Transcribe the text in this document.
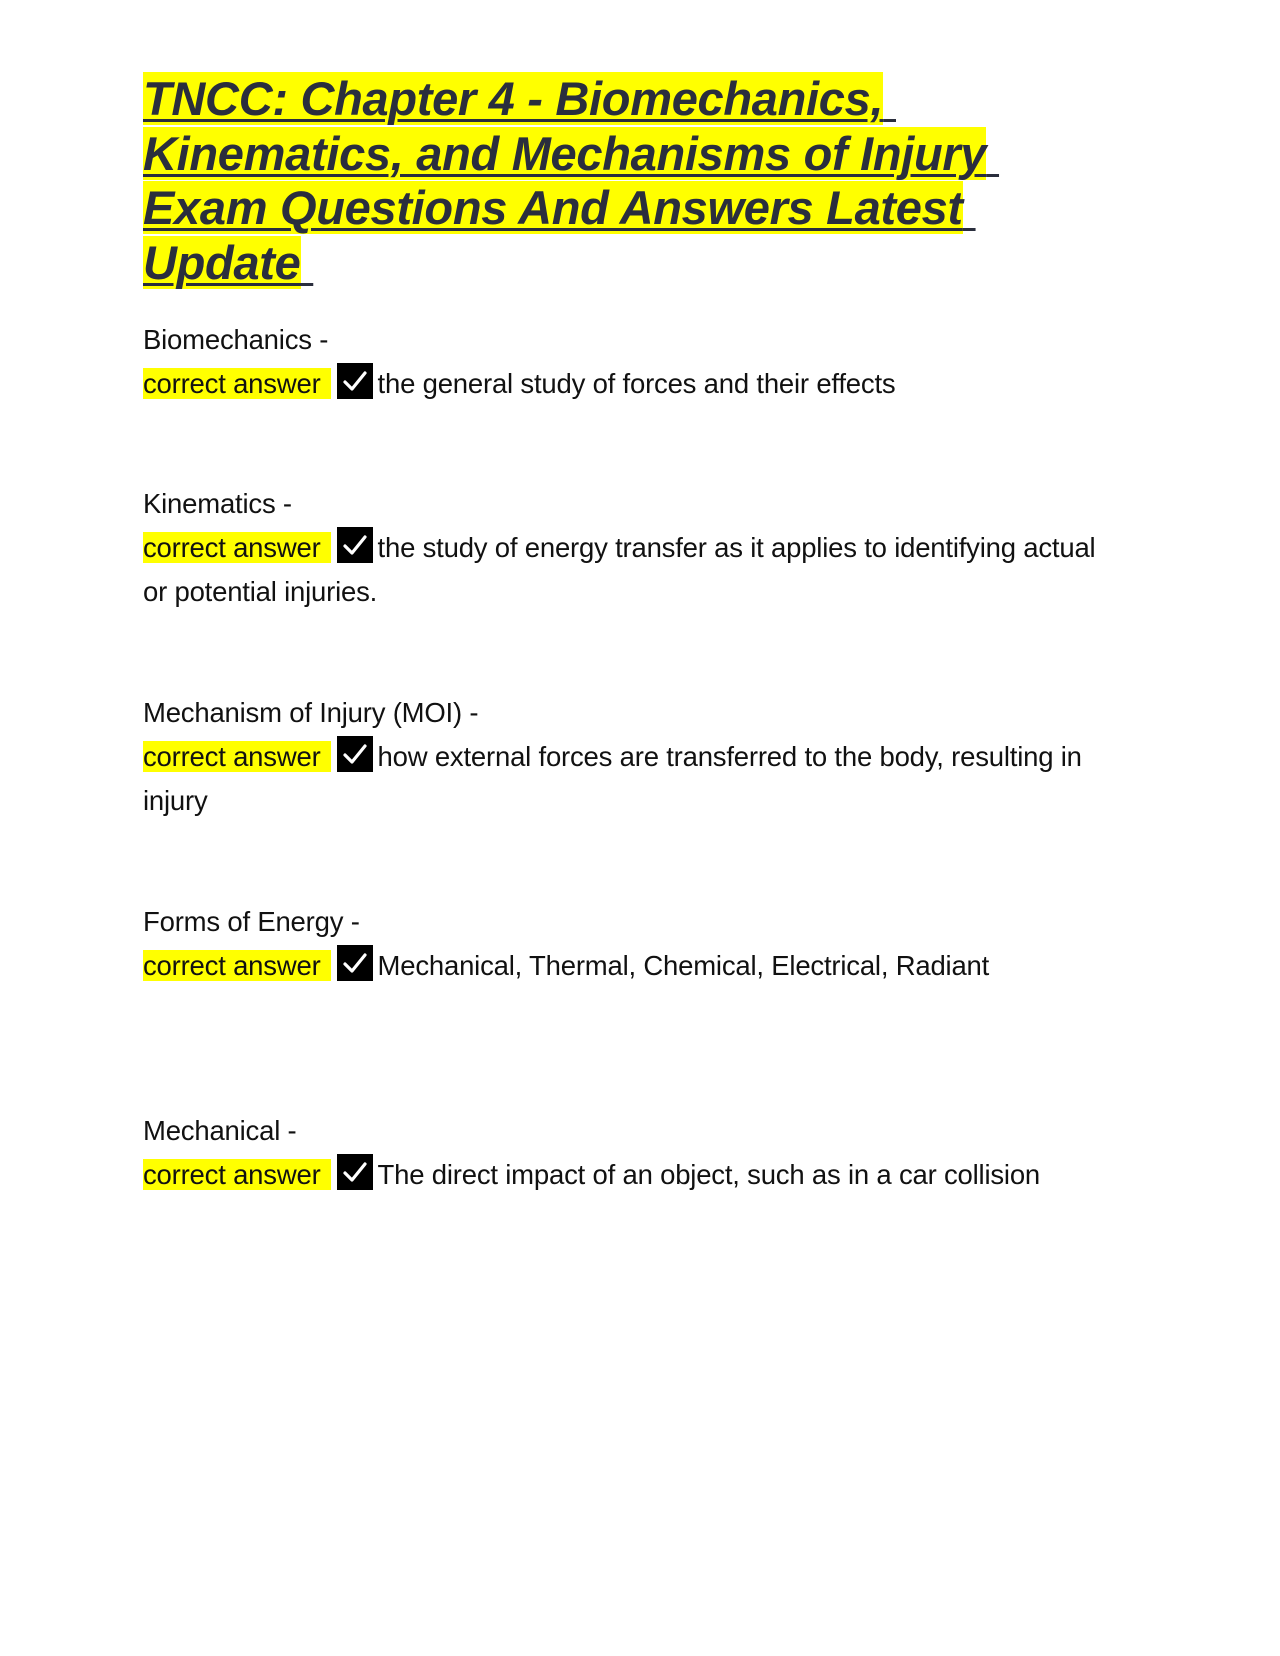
TNCC: Chapter 4 - Biomechanics,
Kinematics, and Mechanisms of Injury
Exam Questions And Answers Latest
Update
Biomechanics -
correct answer the general study of forces and their effects
Kinematics -
correct answer the study of energy transfer as it applies to identifying actual or potential injuries.
Mechanism of Injury (MOI) -
correct answer how external forces are transferred to the body, resulting in injury
Forms of Energy -
correct answer Mechanical, Thermal, Chemical, Electrical, Radiant
Mechanical -
correct answer The direct impact of an object, such as in a car collision
